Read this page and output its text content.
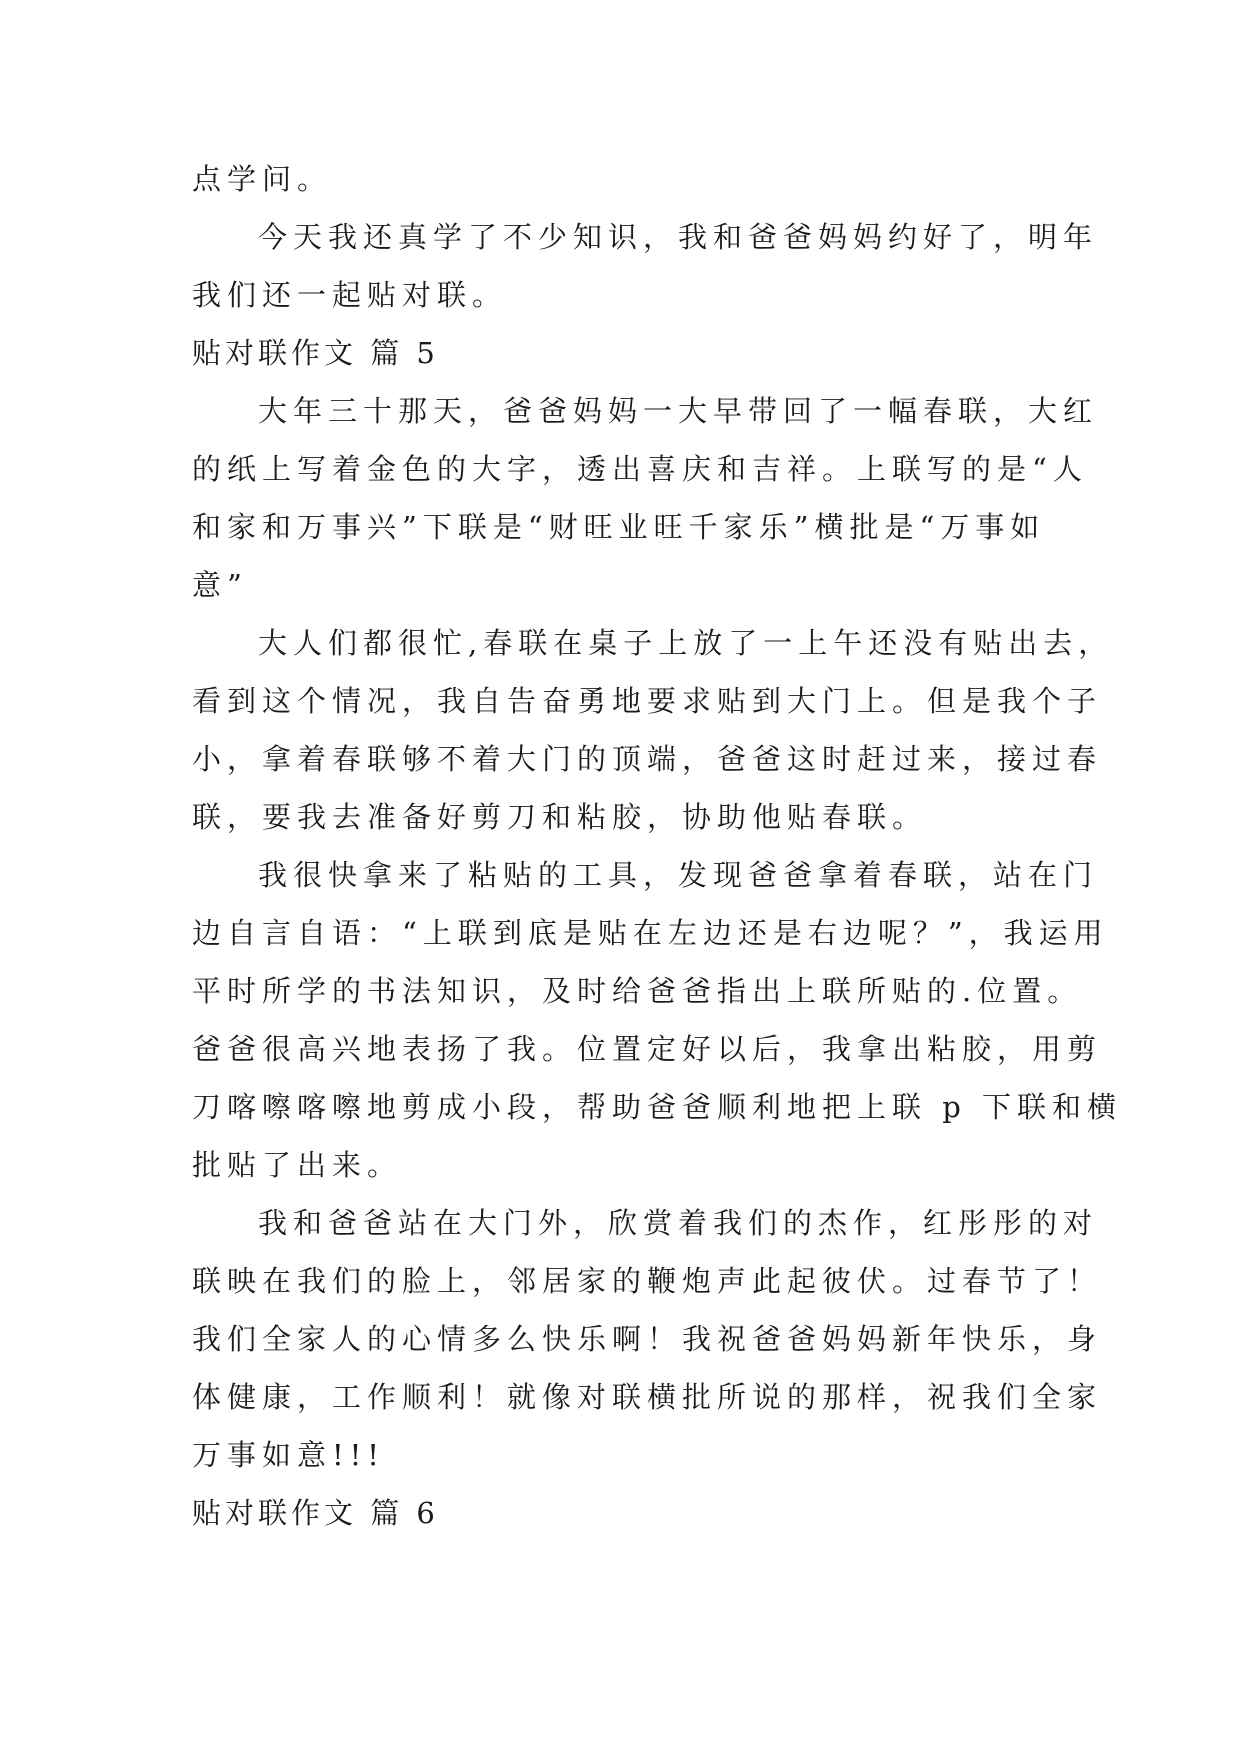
点学问。

今天我还真学了不少知识，我和爸爸妈妈约好了，明年

我们还一起贴对联。

贴对联作文 篇 5

大年三十那天，爸爸妈妈一大早带回了一幅春联，大红

的纸上写着金色的大字，透出喜庆和吉祥。上联写的是“人

和家和万事兴”下联是“财旺业旺千家乐”横批是“万事如

意”

大人们都很忙,春联在桌子上放了一上午还没有贴出去，

看到这个情况，我自告奋勇地要求贴到大门上。但是我个子

小，拿着春联够不着大门的顶端，爸爸这时赶过来，接过春

联，要我去准备好剪刀和粘胶，协助他贴春联。

我很快拿来了粘贴的工具，发现爸爸拿着春联，站在门

边自言自语：“上联到底是贴在左边还是右边呢？”，我运用

平时所学的书法知识，及时给爸爸指出上联所贴的.位置。

爸爸很高兴地表扬了我。位置定好以后，我拿出粘胶，用剪

刀喀嚓喀嚓地剪成小段，帮助爸爸顺利地把上联 p 下联和横

批贴了出来。

我和爸爸站在大门外，欣赏着我们的杰作，红彤彤的对

联映在我们的脸上，邻居家的鞭炮声此起彼伏。过春节了！

我们全家人的心情多么快乐啊！我祝爸爸妈妈新年快乐，身

体健康，工作顺利！就像对联横批所说的那样，祝我们全家

万事如意!!!

贴对联作文 篇 6
